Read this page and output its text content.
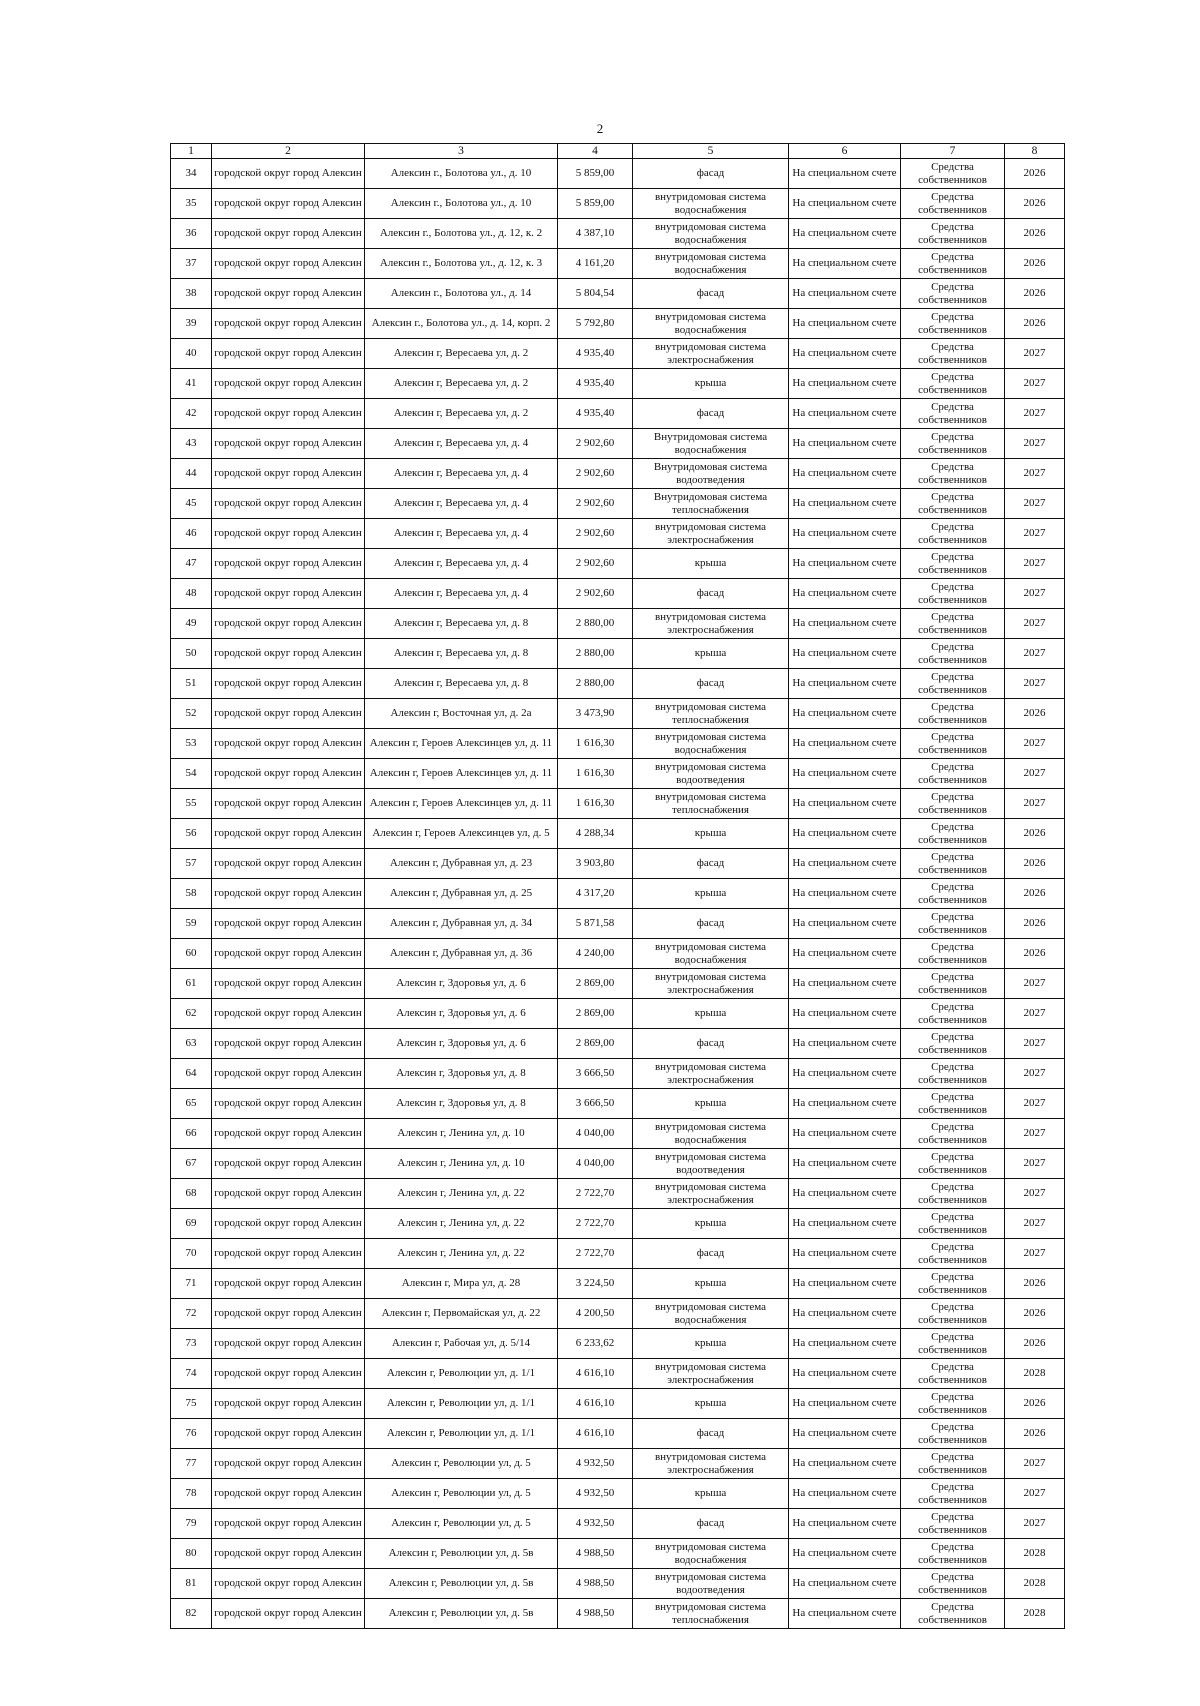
2
1	2	3	4	5	6	7	8
34	городской округ город Алексин	Алексин г., Болотова ул., д. 10	5 859,00	фасад	На специальном счете	Средства собственников	2026
35	городской округ город Алексин	Алексин г., Болотова ул., д. 10	5 859,00	внутридомовая система водоснабжения	На специальном счете	Средства собственников	2026
36	городской округ город Алексин	Алексин г., Болотова ул., д. 12, к. 2	4 387,10	внутридомовая система водоснабжения	На специальном счете	Средства собственников	2026
37	городской округ город Алексин	Алексин г., Болотова ул., д. 12, к. 3	4 161,20	внутридомовая система водоснабжения	На специальном счете	Средства собственников	2026
38	городской округ город Алексин	Алексин г., Болотова ул., д. 14	5 804,54	фасад	На специальном счете	Средства собственников	2026
39	городской округ город Алексин	Алексин г., Болотова ул., д. 14, корп. 2	5 792,80	внутридомовая система водоснабжения	На специальном счете	Средства собственников	2026
40	городской округ город Алексин	Алексин г, Вересаева ул, д. 2	4 935,40	внутридомовая система электроснабжения	На специальном счете	Средства собственников	2027
41	городской округ город Алексин	Алексин г, Вересаева ул, д. 2	4 935,40	крыша	На специальном счете	Средства собственников	2027
42	городской округ город Алексин	Алексин г, Вересаева ул, д. 2	4 935,40	фасад	На специальном счете	Средства собственников	2027
43	городской округ город Алексин	Алексин г, Вересаева ул, д. 4	2 902,60	Внутридомовая система водоснабжения	На специальном счете	Средства собственников	2027
44	городской округ город Алексин	Алексин г, Вересаева ул, д. 4	2 902,60	Внутридомовая система водоотведения	На специальном счете	Средства собственников	2027
45	городской округ город Алексин	Алексин г, Вересаева ул, д. 4	2 902,60	Внутридомовая система теплоснабжения	На специальном счете	Средства собственников	2027
46	городской округ город Алексин	Алексин г, Вересаева ул, д. 4	2 902,60	внутридомовая система электроснабжения	На специальном счете	Средства собственников	2027
47	городской округ город Алексин	Алексин г, Вересаева ул, д. 4	2 902,60	крыша	На специальном счете	Средства собственников	2027
48	городской округ город Алексин	Алексин г, Вересаева ул, д. 4	2 902,60	фасад	На специальном счете	Средства собственников	2027
49	городской округ город Алексин	Алексин г, Вересаева ул, д. 8	2 880,00	внутридомовая система электроснабжения	На специальном счете	Средства собственников	2027
50	городской округ город Алексин	Алексин г, Вересаева ул, д. 8	2 880,00	крыша	На специальном счете	Средства собственников	2027
51	городской округ город Алексин	Алексин г, Вересаева ул, д. 8	2 880,00	фасад	На специальном счете	Средства собственников	2027
52	городской округ город Алексин	Алексин г, Восточная ул, д. 2а	3 473,90	внутридомовая система теплоснабжения	На специальном счете	Средства собственников	2026
53	городской округ город Алексин	Алексин г, Героев Алексинцев ул, д. 11	1 616,30	внутридомовая система водоснабжения	На специальном счете	Средства собственников	2027
54	городской округ город Алексин	Алексин г, Героев Алексинцев ул, д. 11	1 616,30	внутридомовая система водоотведения	На специальном счете	Средства собственников	2027
55	городской округ город Алексин	Алексин г, Героев Алексинцев ул, д. 11	1 616,30	внутридомовая система теплоснабжения	На специальном счете	Средства собственников	2027
56	городской округ город Алексин	Алексин г, Героев Алексинцев ул, д. 5	4 288,34	крыша	На специальном счете	Средства собственников	2026
57	городской округ город Алексин	Алексин г, Дубравная ул, д. 23	3 903,80	фасад	На специальном счете	Средства собственников	2026
58	городской округ город Алексин	Алексин г, Дубравная ул, д. 25	4 317,20	крыша	На специальном счете	Средства собственников	2026
59	городской округ город Алексин	Алексин г, Дубравная ул, д. 34	5 871,58	фасад	На специальном счете	Средства собственников	2026
60	городской округ город Алексин	Алексин г, Дубравная ул, д. 36	4 240,00	внутридомовая система водоснабжения	На специальном счете	Средства собственников	2026
61	городской округ город Алексин	Алексин г, Здоровья ул, д. 6	2 869,00	внутридомовая система электроснабжения	На специальном счете	Средства собственников	2027
62	городской округ город Алексин	Алексин г, Здоровья ул, д. 6	2 869,00	крыша	На специальном счете	Средства собственников	2027
63	городской округ город Алексин	Алексин г, Здоровья ул, д. 6	2 869,00	фасад	На специальном счете	Средства собственников	2027
64	городской округ город Алексин	Алексин г, Здоровья ул, д. 8	3 666,50	внутридомовая система электроснабжения	На специальном счете	Средства собственников	2027
65	городской округ город Алексин	Алексин г, Здоровья ул, д. 8	3 666,50	крыша	На специальном счете	Средства собственников	2027
66	городской округ город Алексин	Алексин г, Ленина ул, д. 10	4 040,00	внутридомовая система водоснабжения	На специальном счете	Средства собственников	2027
67	городской округ город Алексин	Алексин г, Ленина ул, д. 10	4 040,00	внутридомовая система водоотведения	На специальном счете	Средства собственников	2027
68	городской округ город Алексин	Алексин г, Ленина ул, д. 22	2 722,70	внутридомовая система электроснабжения	На специальном счете	Средства собственников	2027
69	городской округ город Алексин	Алексин г, Ленина ул, д. 22	2 722,70	крыша	На специальном счете	Средства собственников	2027
70	городской округ город Алексин	Алексин г, Ленина ул, д. 22	2 722,70	фасад	На специальном счете	Средства собственников	2027
71	городской округ город Алексин	Алексин г, Мира ул, д. 28	3 224,50	крыша	На специальном счете	Средства собственников	2026
72	городской округ город Алексин	Алексин г, Первомайская ул, д. 22	4 200,50	внутридомовая система водоснабжения	На специальном счете	Средства собственников	2026
73	городской округ город Алексин	Алексин г, Рабочая ул, д. 5/14	6 233,62	крыша	На специальном счете	Средства собственников	2026
74	городской округ город Алексин	Алексин г, Революции ул, д. 1/1	4 616,10	внутридомовая система электроснабжения	На специальном счете	Средства собственников	2028
75	городской округ город Алексин	Алексин г, Революции ул, д. 1/1	4 616,10	крыша	На специальном счете	Средства собственников	2026
76	городской округ город Алексин	Алексин г, Революции ул, д. 1/1	4 616,10	фасад	На специальном счете	Средства собственников	2026
77	городской округ город Алексин	Алексин г, Революции ул, д. 5	4 932,50	внутридомовая система электроснабжения	На специальном счете	Средства собственников	2027
78	городской округ город Алексин	Алексин г, Революции ул, д. 5	4 932,50	крыша	На специальном счете	Средства собственников	2027
79	городской округ город Алексин	Алексин г, Революции ул, д. 5	4 932,50	фасад	На специальном счете	Средства собственников	2027
80	городской округ город Алексин	Алексин г, Революции ул, д. 5в	4 988,50	внутридомовая система водоснабжения	На специальном счете	Средства собственников	2028
81	городской округ город Алексин	Алексин г, Революции ул, д. 5в	4 988,50	внутридомовая система водоотведения	На специальном счете	Средства собственников	2028
82	городской округ город Алексин	Алексин г, Революции ул, д. 5в	4 988,50	внутридомовая система теплоснабжения	На специальном счете	Средства собственников	2028
